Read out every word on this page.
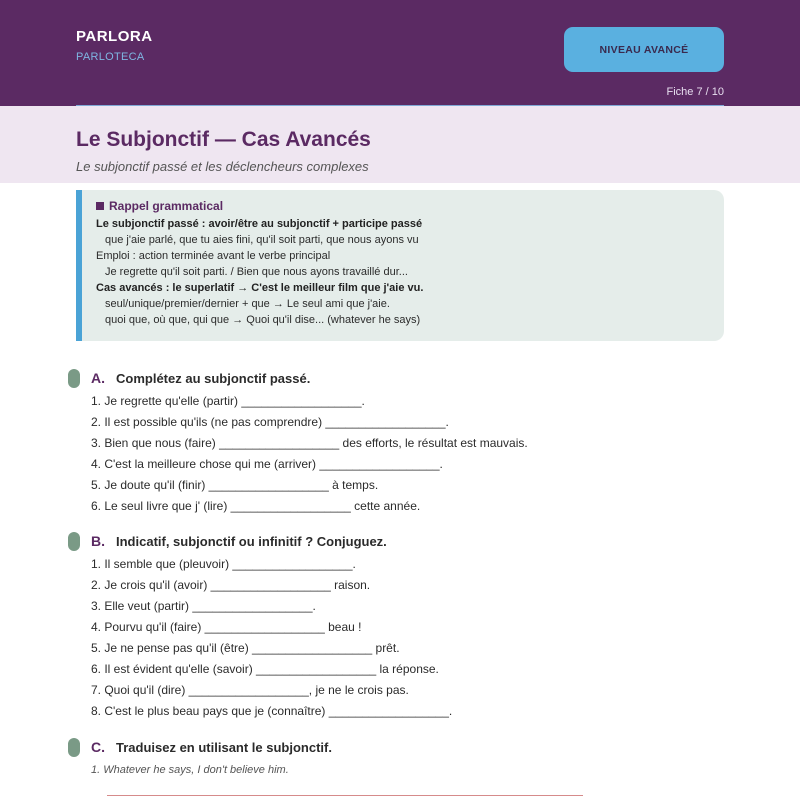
PARLORA
PARLOTECA
NIVEAU AVANCÉ
Fiche 7 / 10
Le Subjonctif — Cas Avancés
Le subjonctif passé et les déclencheurs complexes
Rappel grammatical
Le subjonctif passé : avoir/être au subjonctif + participe passé
que j'aie parlé, que tu aies fini, qu'il soit parti, que nous ayons vu
Emploi : action terminée avant le verbe principal
Je regrette qu'il soit parti. / Bien que nous ayons travaillé dur...
Cas avancés : le superlatif → C'est le meilleur film que j'aie vu.
seul/unique/premier/dernier + que → Le seul ami que j'aie.
quoi que, où que, qui que → Quoi qu'il dise... (whatever he says)
A. Complétez au subjonctif passé.
1. Je regrette qu'elle (partir) __________________.
2. Il est possible qu'ils (ne pas comprendre) __________________.
3. Bien que nous (faire) __________________ des efforts, le résultat est mauvais.
4. C'est la meilleure chose qui me (arriver) __________________.
5. Je doute qu'il (finir) __________________ à temps.
6. Le seul livre que j' (lire) __________________ cette année.
B. Indicatif, subjonctif ou infinitif ? Conjuguez.
1. Il semble que (pleuvoir) __________________.
2. Je crois qu'il (avoir) __________________ raison.
3. Elle veut (partir) __________________.
4. Pourvu qu'il (faire) __________________ beau !
5. Je ne pense pas qu'il (être) __________________ prêt.
6. Il est évident qu'elle (savoir) __________________ la réponse.
7. Quoi qu'il (dire) __________________, je ne le crois pas.
8. C'est le plus beau pays que je (connaître) __________________.
C. Traduisez en utilisant le subjonctif.
1. Whatever he says, I don't believe him.
